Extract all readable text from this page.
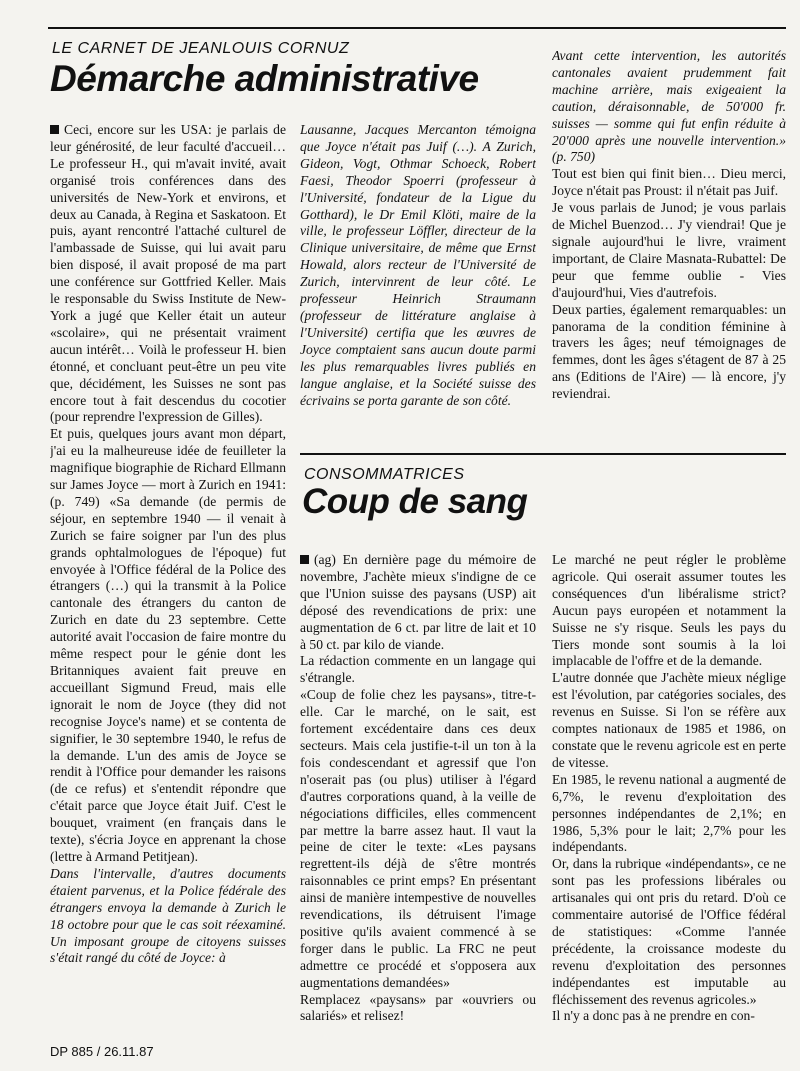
LE CARNET DE JEANLOUIS CORNUZ
Démarche administrative

Ceci, encore sur les USA: je parlais de leur générosité, de leur faculté d'accueil… Le professeur H., qui m'avait invité, avait organisé trois conférences dans des universités de New-York et environs, et deux au Canada, à Regina et Saskatoon. Et puis, ayant rencontré l'attaché culturel de l'ambassade de Suisse, qui lui avait paru bien disposé, il avait proposé de ma part une conférence sur Gottfried Keller. Mais le responsable du Swiss Institute de New-York a jugé que Keller était un auteur «scolaire», qui ne présentait vraiment aucun intérêt… Voilà le professeur H. bien étonné, et concluant peut-être un peu vite que, décidément, les Suisses ne sont pas encore tout à fait descendus du cocotier (pour reprendre l'expression de Gilles).

Et puis, quelques jours avant mon départ, j'ai eu la malheureuse idée de feuilleter la magnifique biographie de Richard Ellmann sur James Joyce — mort à Zurich en 1941: (p. 749) «Sa demande (de permis de séjour, en septembre 1940 — il venait à Zurich se faire soigner par l'un des plus grands ophtalmologues de l'époque) fut envoyée à l'Office fédéral de la Police des étrangers (…) qui la transmit à la Police cantonale des étrangers du canton de Zurich en date du 23 septembre. Cette autorité avait l'occasion de faire montre du même respect pour le génie dont les Britanniques avaient fait preuve en accueillant Sigmund Freud, mais elle ignorait le nom de Joyce (they did not recognise Joyce's name) et se contenta de signifier, le 30 septembre 1940, le refus de la demande. L'un des amis de Joyce se rendit à l'Office pour demander les raisons (de ce refus) et s'entendit répondre que c'était parce que Joyce était Juif. C'est le bouquet, vraiment (en français dans le texte), s'écria Joyce en apprenant la chose (lettre à Armand Petitjean).

Dans l'intervalle, d'autres documents étaient parvenus, et la Police fédérale des étrangers envoya la demande à Zurich le 18 octobre pour que le cas soit réexaminé. Un imposant groupe de citoyens suisses s'était rangé du côté de Joyce: à

Lausanne, Jacques Mercanton témoigna que Joyce n'était pas Juif (…). A Zurich, Gideon, Vogt, Othmar Schoeck, Robert Faesi, Theodor Spoerri (professeur à l'Université, fondateur de la Ligue du Gotthard), le Dr Emil Klöti, maire de la ville, le professeur Löffler, directeur de la Clinique universitaire, de même que Ernst Howald, alors recteur de l'Université de Zurich, intervinrent de leur côté. Le professeur Heinrich Straumann (professeur de littérature anglaise à l'Université) certifia que les œuvres de Joyce comptaient sans aucun doute parmi les plus remarquables livres publiés en langue anglaise, et la Société suisse des écrivains se porta garante de son côté.

Avant cette intervention, les autorités cantonales avaient prudemment fait machine arrière, mais exigeaient la caution, déraisonnable, de 50'000 fr. suisses — somme qui fut enfin réduite à 20'000 après une nouvelle intervention.» (p. 750)

Tout est bien qui finit bien… Dieu merci, Joyce n'était pas Proust: il n'était pas Juif.

Je vous parlais de Junod; je vous parlais de Michel Buenzod… J'y viendrai! Que je signale aujourd'hui le livre, vraiment important, de Claire Masnata-Rubattel: De peur que femme oublie - Vies d'aujourd'hui, Vies d'autrefois.

Deux parties, également remarquables: un panorama de la condition féminine à travers les âges; neuf témoignages de femmes, dont les âges s'étagent de 87 à 25 ans (Editions de l'Aire) — là encore, j'y reviendrai.

CONSOMMATRICES
Coup de sang

(ag) En dernière page du mémoire de novembre, J'achète mieux s'indigne de ce que l'Union suisse des paysans (USP) ait déposé des revendications de prix: une augmentation de 6 ct. par litre de lait et 10 à 50 ct. par kilo de viande.

La rédaction commente en un langage qui s'étrangle.

«Coup de folie chez les paysans», titre-t-elle. Car le marché, on le sait, est fortement excédentaire dans ces deux secteurs. Mais cela justifie-t-il un ton à la fois condescendant et agressif que l'on n'oserait pas (ou plus) utiliser à l'égard d'autres corporations quand, à la veille de négociations difficiles, elles commencent par mettre la barre assez haut. Il vaut la peine de citer le texte: «Les paysans regrettent-ils déjà de s'être montrés raisonnables ce print emps? En présentant ainsi de manière intempestive de nouvelles revendications, ils détruisent l'image positive qu'ils avaient commencé à se forger dans le public. La FRC ne peut admettre ce procédé et s'opposera aux augmentations demandées»

Remplacez «paysans» par «ouvriers ou salariés» et relisez!

Le marché ne peut régler le problème agricole. Qui oserait assumer toutes les conséquences d'un libéralisme strict? Aucun pays européen et notamment la Suisse ne s'y risque. Seuls les pays du Tiers monde sont soumis à la loi implacable de l'offre et de la demande.

L'autre donnée que J'achète mieux néglige est l'évolution, par catégories sociales, des revenus en Suisse. Si l'on se réfère aux comptes nationaux de 1985 et 1986, on constate que le revenu agricole est en perte de vitesse.

En 1985, le revenu national a augmenté de 6,7%, le revenu d'exploitation des personnes indépendantes de 2,1%; en 1986, 5,3% pour le lait; 2,7% pour les indépendants.

Or, dans la rubrique «indépendants», ce ne sont pas les professions libérales ou artisanales qui ont pris du retard. D'où ce commentaire autorisé de l'Office fédéral de statistiques: «Comme l'année précédente, la croissance modeste du revenu d'exploitation des personnes indépendantes est imputable au fléchissement des revenus agricoles.»

Il n'y a donc pas à ne prendre en con-

DP 885 / 26.11.87
